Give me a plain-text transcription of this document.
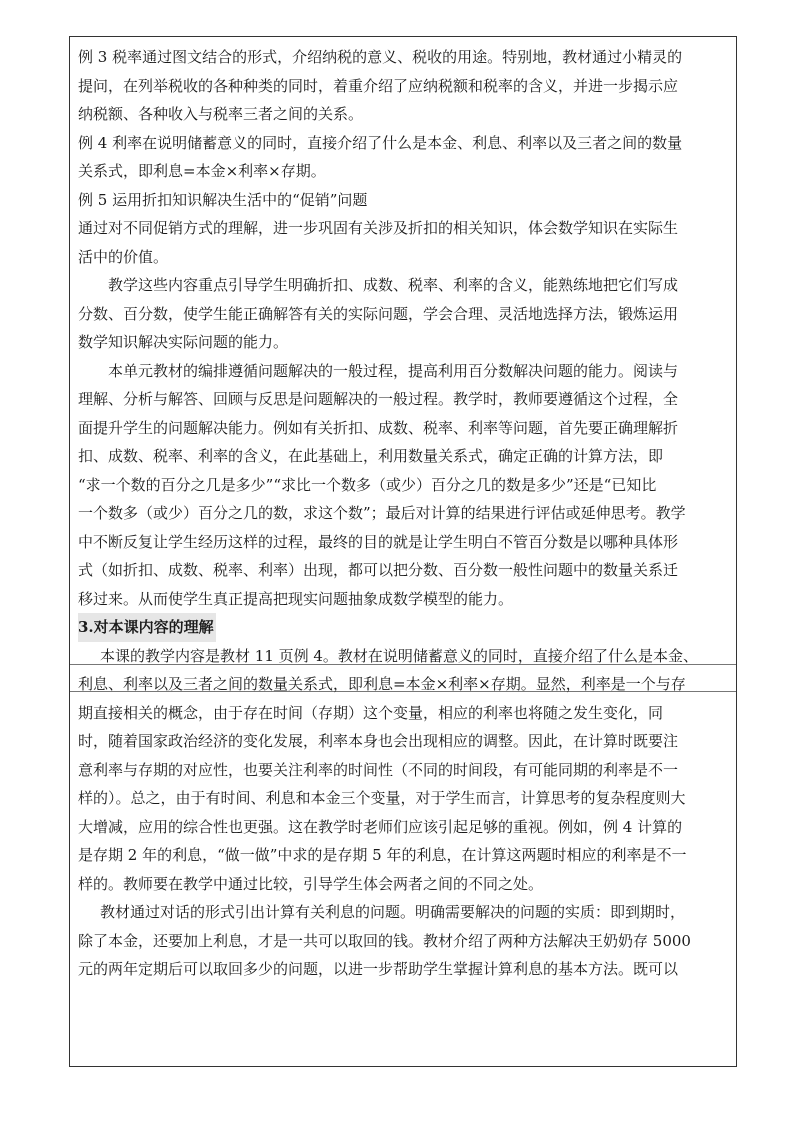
例 3 税率通过图文结合的形式，介绍纳税的意义、税收的用途。特别地，教材通过小精灵的
提问，在列举税收的各种种类的同时，着重介绍了应纳税额和税率的含义，并进一步揭示应
纳税额、各种收入与税率三者之间的关系。
例 4 利率在说明储蓄意义的同时，直接介绍了什么是本金、利息、利率以及三者之间的数量
关系式，即利息=本金×利率×存期。
例 5 运用折扣知识解决生活中的“促销”问题
通过对不同促销方式的理解，进一步巩固有关涉及折扣的相关知识，体会数学知识在实际生
活中的价值。
教学这些内容重点引导学生明确折扣、成数、税率、利率的含义，能熟练地把它们写成
分数、百分数，使学生能正确解答有关的实际问题，学会合理、灵活地选择方法，锻炼运用
数学知识解决实际问题的能力。
本单元教材的编排遵循问题解决的一般过程，提高利用百分数解决问题的能力。阅读与
理解、分析与解答、回顾与反思是问题解决的一般过程。教学时，教师要遵循这个过程，全
面提升学生的问题解决能力。例如有关折扣、成数、税率、利率等问题，首先要正确理解折
扣、成数、税率、利率的含义，在此基础上，利用数量关系式，确定正确的计算方法，即
“求一个数的百分之几是多少”“求比一个数多（或少）百分之几的数是多少”还是“已知比
一个数多（或少）百分之几的数，求这个数”；最后对计算的结果进行评估或延伸思考。教学
中不断反复让学生经历这样的过程，最终的目的就是让学生明白不管百分数是以哪种具体形
式（如折扣、成数、税率、利率）出现，都可以把分数、百分数一般性问题中的数量关系迁
移过来。从而使学生真正提高把现实问题抽象成数学模型的能力。
3.对本课内容的理解
本课的教学内容是教材 11 页例 4。教材在说明储蓄意义的同时，直接介绍了什么是本金、
利息、利率以及三者之间的数量关系式，即利息=本金×利率×存期。显然，利率是一个与存
期直接相关的概念，由于存在时间（存期）这个变量，相应的利率也将随之发生变化，同
时，随着国家政治经济的变化发展，利率本身也会出现相应的调整。因此，在计算时既要注
意利率与存期的对应性，也要关注利率的时间性（不同的时间段，有可能同期的利率是不一
样的）。总之，由于有时间、利息和本金三个变量，对于学生而言，计算思考的复杂程度则大
大增减，应用的综合性也更强。这在教学时老师们应该引起足够的重视。例如，例 4 计算的
是存期 2 年的利息，“做一做”中求的是存期 5 年的利息，在计算这两题时相应的利率是不一
样的。教师要在教学中通过比较，引导学生体会两者之间的不同之处。
教材通过对话的形式引出计算有关利息的问题。明确需要解决的问题的实质：即到期时，
除了本金，还要加上利息，才是一共可以取回的钱。教材介绍了两种方法解决王奶奶存 5000
元的两年定期后可以取回多少的问题，以进一步帮助学生掌握计算利息的基本方法。既可以
